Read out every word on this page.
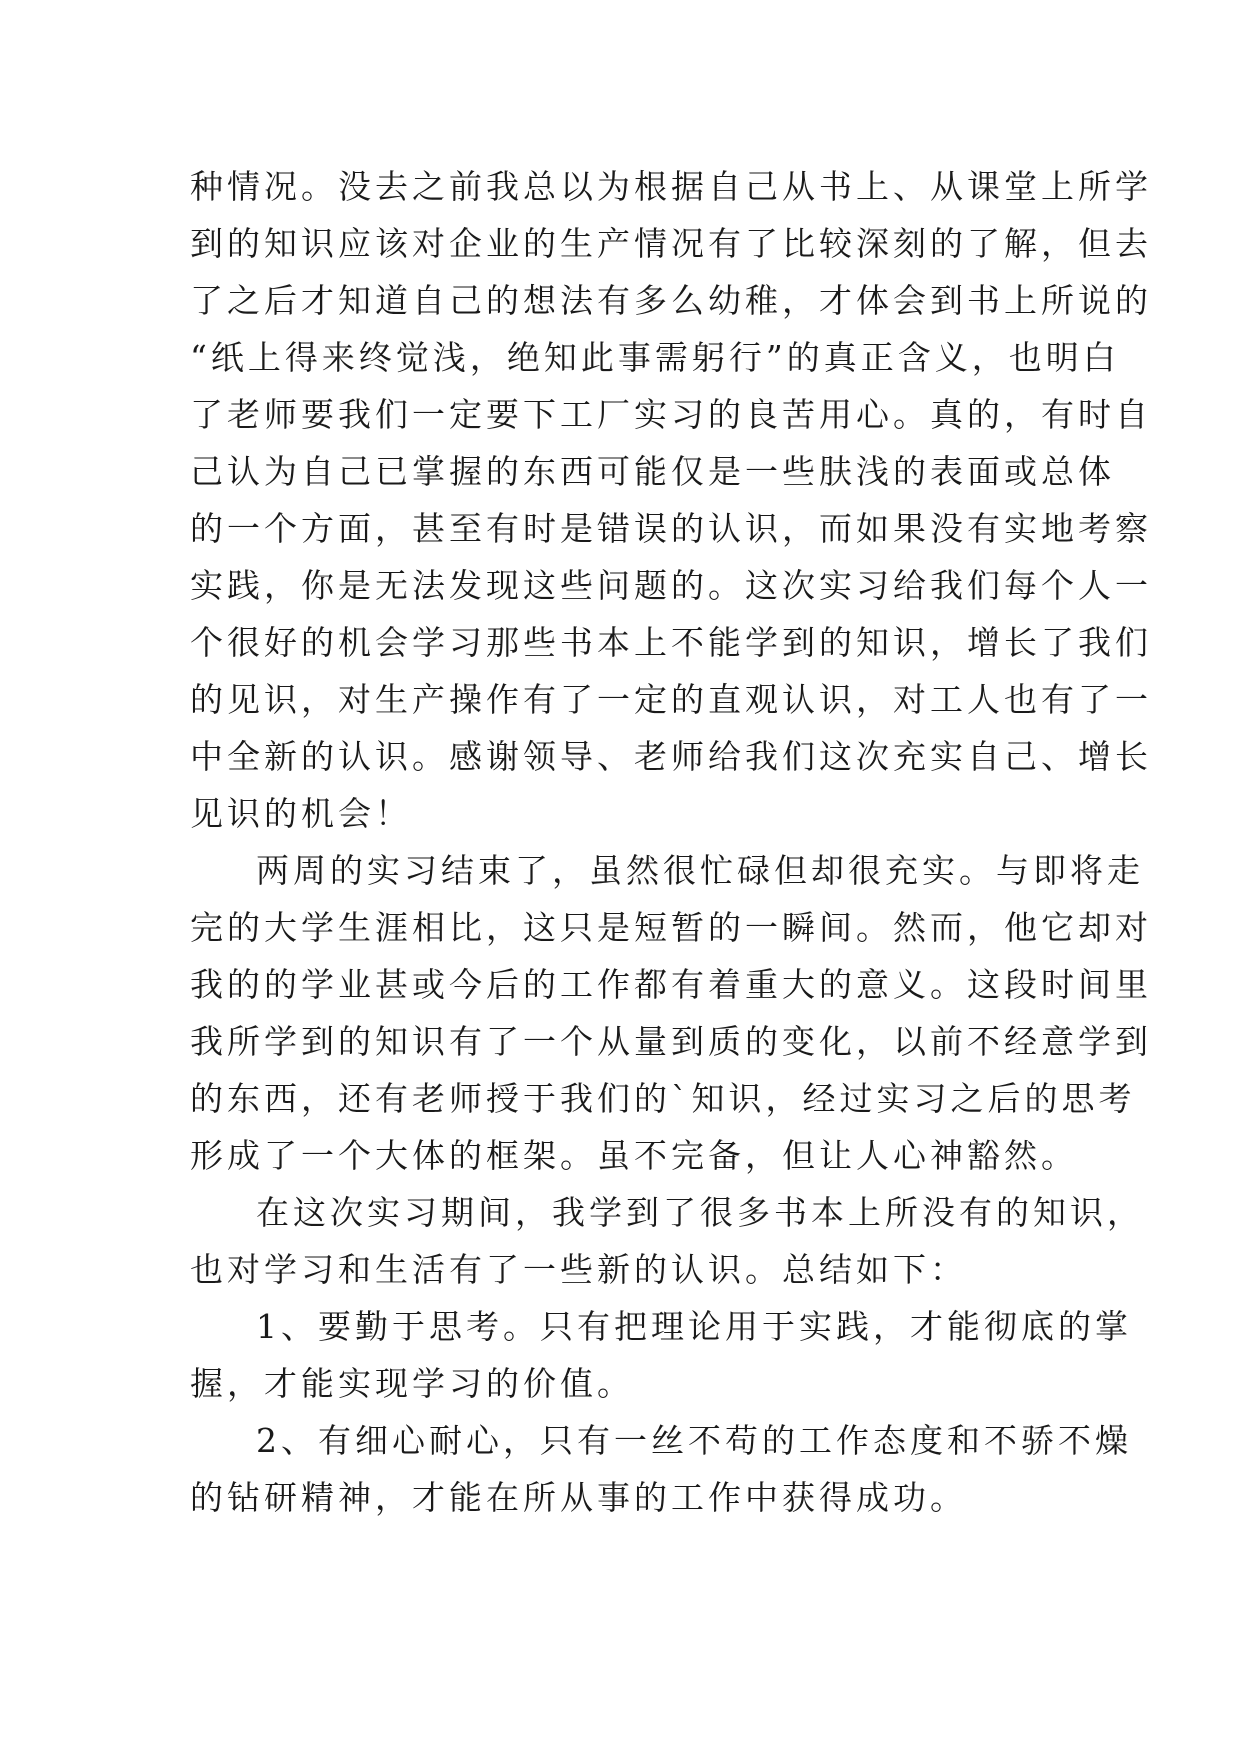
种情况。没去之前我总以为根据自己从书上、从课堂上所学
到的知识应该对企业的生产情况有了比较深刻的了解，但去
了之后才知道自己的想法有多么幼稚，才体会到书上所说的
“纸上得来终觉浅，绝知此事需躬行”的真正含义，也明白
了老师要我们一定要下工厂实习的良苦用心。真的，有时自
己认为自己已掌握的东西可能仅是一些肤浅的表面或总体
的一个方面，甚至有时是错误的认识，而如果没有实地考察
实践，你是无法发现这些问题的。这次实习给我们每个人一
个很好的机会学习那些书本上不能学到的知识，增长了我们
的见识，对生产操作有了一定的直观认识，对工人也有了一
中全新的认识。感谢领导、老师给我们这次充实自己、增长
见识的机会！
两周的实习结束了，虽然很忙碌但却很充实。与即将走
完的大学生涯相比，这只是短暂的一瞬间。然而，他它却对
我的的学业甚或今后的工作都有着重大的意义。这段时间里
我所学到的知识有了一个从量到质的变化，以前不经意学到
的东西，还有老师授于我们的`知识，经过实习之后的思考
形成了一个大体的框架。虽不完备，但让人心神豁然。
在这次实习期间，我学到了很多书本上所没有的知识，
也对学习和生活有了一些新的认识。总结如下：
1、要勤于思考。只有把理论用于实践，才能彻底的掌
握，才能实现学习的价值。
2、有细心耐心，只有一丝不苟的工作态度和不骄不燥
的钻研精神，才能在所从事的工作中获得成功。
